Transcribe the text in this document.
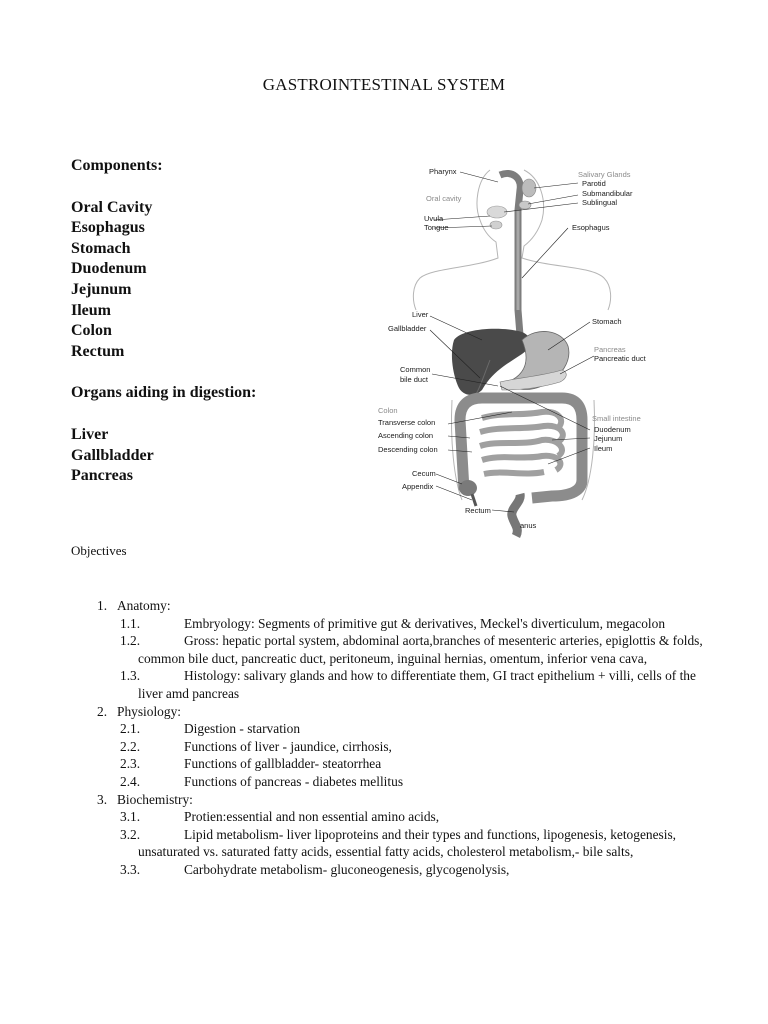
GASTROINTESTINAL SYSTEM
Components:
Oral Cavity
Esophagus
Stomach
Duodenum
Jejunum
Ileum
Colon
Rectum
Organs aiding in digestion:
Liver
Gallbladder
Pancreas
Pharynx	Salivary Glands
Parotid
Submandibular
Sublingual
Oral cavity
Uvula
Tongue	Esophagus
Liver
Gallbladder
Stomach
Pancreas
Pancreatic duct
Common
bile duct
Colon
Transverse colon
Ascending colon
Descending colon
Small intestine
Duodenum
Jejunum
Ileum
Cecum
Appendix
Rectum
anus
Objectives
1. Anatomy:
1.1.	Embryology: Segments of primitive gut & derivatives, Meckel's diverticulum, megacolon
1.2.	Gross: hepatic portal system, abdominal aorta,branches of mesenteric arteries, epiglottis & folds, common bile duct, pancreatic duct, peritoneum, inguinal hernias, omentum, inferior vena cava,
1.3.	Histology: salivary glands and how to differentiate them, GI tract epithelium + villi, cells of the liver amd pancreas
2. Physiology:
2.1.	Digestion - starvation
2.2.	Functions of liver - jaundice, cirrhosis,
2.3.	Functions of gallbladder- steatorrhea
2.4.	Functions of pancreas - diabetes mellitus
3. Biochemistry:
3.1.	Protien:essential and non essential amino acids,
3.2.	Lipid metabolism- liver lipoproteins and their types and functions, lipogenesis, ketogenesis, unsaturated vs. saturated fatty acids, essential fatty acids, cholesterol metabolism,- bile salts,
3.3.	Carbohydrate metabolism- gluconeogenesis, glycogenolysis,
